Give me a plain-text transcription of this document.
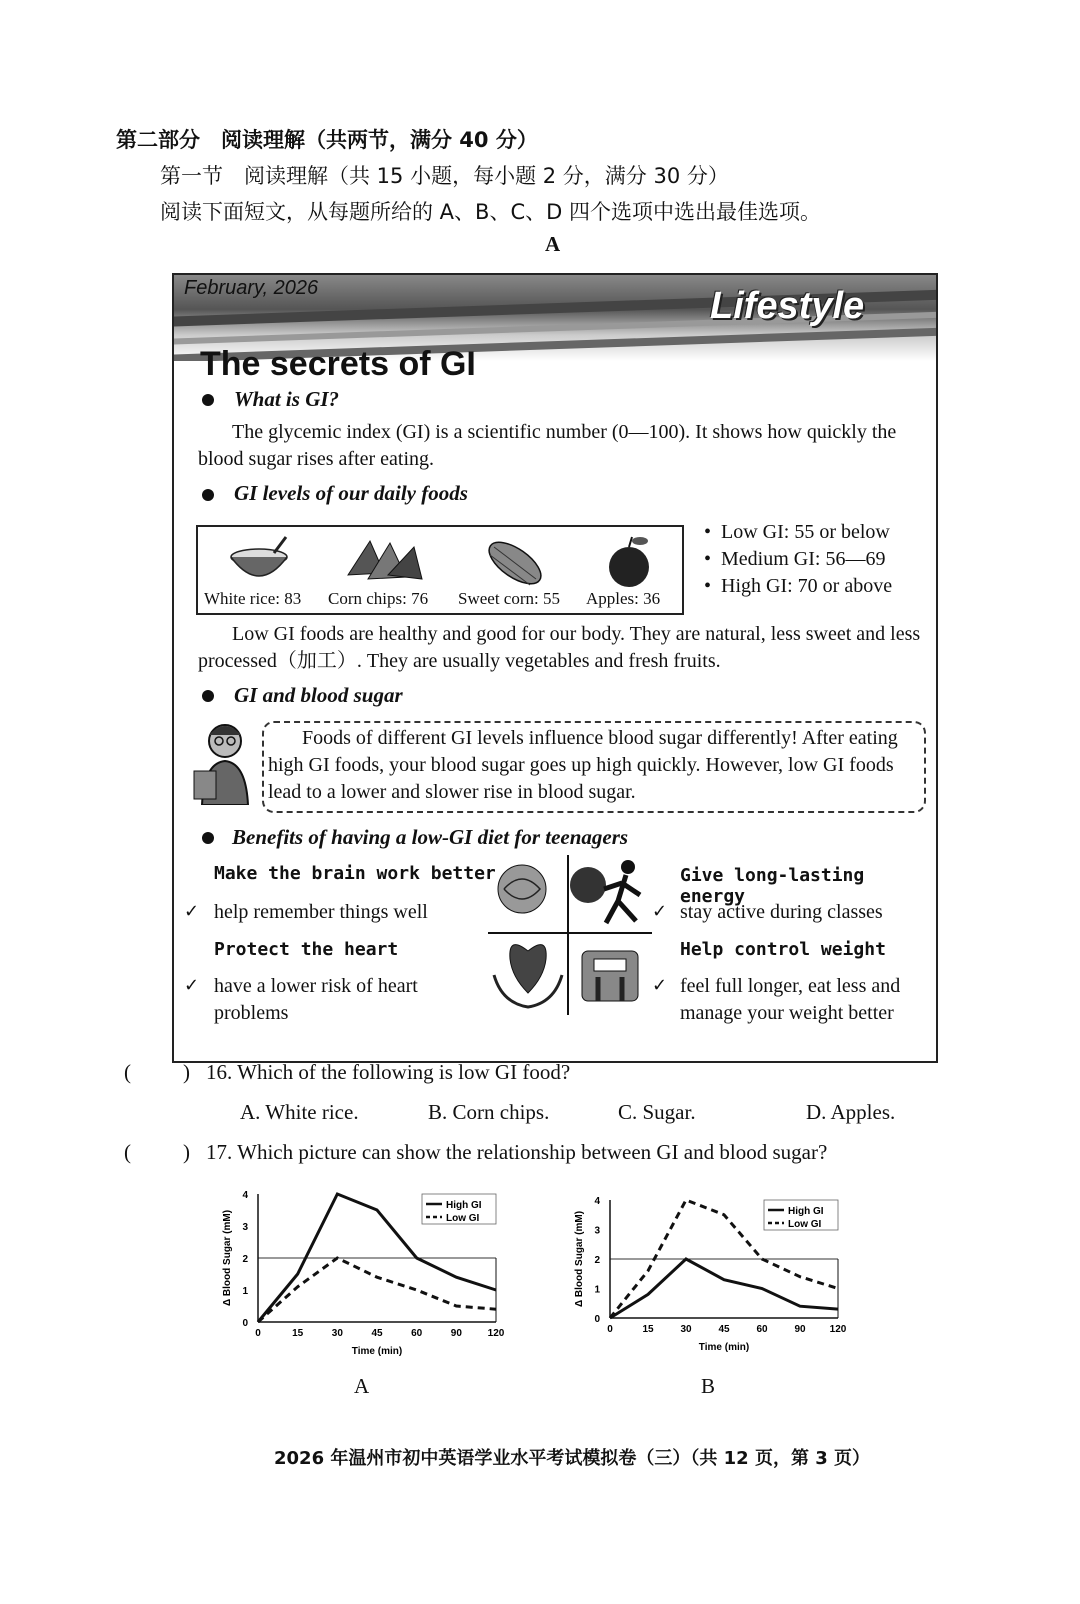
第二部分　阅读理解（共两节，满分 40 分）
第一节　阅读理解（共 15 小题，每小题 2 分，满分 30 分）
阅读下面短文，从每题所给的 A、B、C、D 四个选项中选出最佳选项。
A
February, 2026	Lifestyle
The secrets of GI
What is GI?
The glycemic index (GI) is a scientific number (0—100). It shows how quickly the blood sugar rises after eating.
GI levels of our daily foods
White rice: 83 Corn chips: 76 Sweet corn: 55 Apples: 36
•  Low GI: 55 or below
•  Medium GI: 56—69
•  High GI: 70 or above
Low GI foods are healthy and good for our body. They are natural, less sweet and less processed（加工）. They are usually vegetables and fresh fruits.
GI and blood sugar
Foods of different GI levels influence blood sugar differently! After eating high GI foods, your blood sugar goes up high quickly. However, low GI foods lead to a lower and slower rise in blood sugar.
Benefits of having a low-GI diet for teenagers
Make the brain work better
✓ help remember things well
Protect the heart
✓ have a lower risk of heart problems
Give long-lasting energy
✓ stay active during classes
Help control weight
✓ feel full longer, eat less and manage your weight better
( ) 16. Which of the following is low GI food?
A. White rice.	B. Corn chips.	C. Sugar.	D. Apples.
( ) 17. Which picture can show the relationship between GI and blood sugar?
0	15	30	45	60	90	120
0
1
2
3
4
Time (min)
Δ Blood Sugar (mM)
High GI
Low GI
A
0	15	30	45	60	90 120
0
1
2
3
4
Time (min)
Δ Blood Sugar (mM)	High GI
Low GI
B
2026 年温州市初中英语学业水平考试模拟卷（三）（共 12 页，第 3 页）
